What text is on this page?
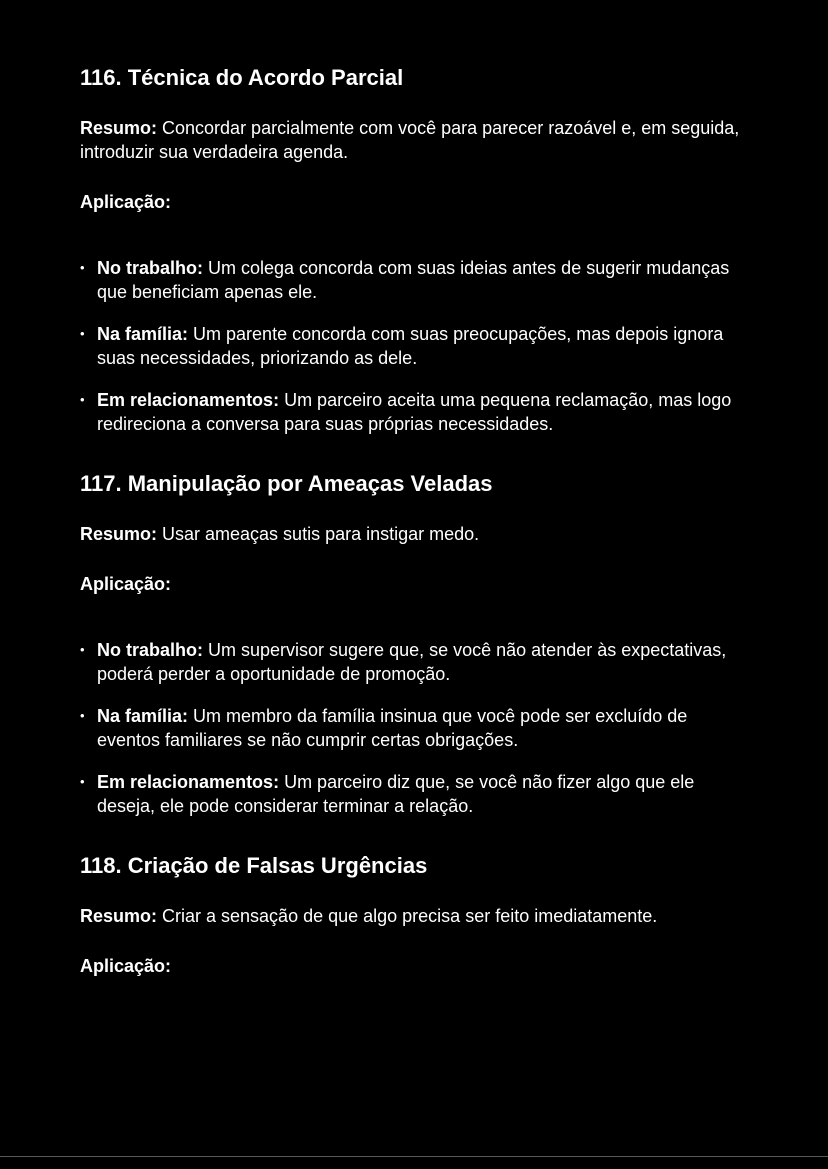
116. Técnica do Acordo Parcial

Resumo: Concordar parcialmente com você para parecer razoável e, em seguida, introduzir sua verdadeira agenda.

Aplicação:

• No trabalho: Um colega concorda com suas ideias antes de sugerir mudanças que beneficiam apenas ele.
• Na família: Um parente concorda com suas preocupações, mas depois ignora suas necessidades, priorizando as dele.
• Em relacionamentos: Um parceiro aceita uma pequena reclamação, mas logo redireciona a conversa para suas próprias necessidades.
117. Manipulação por Ameaças Veladas

Resumo: Usar ameaças sutis para instigar medo.

Aplicação:

• No trabalho: Um supervisor sugere que, se você não atender às expectativas, poderá perder a oportunidade de promoção.
• Na família: Um membro da família insinua que você pode ser excluído de eventos familiares se não cumprir certas obrigações.
• Em relacionamentos: Um parceiro diz que, se você não fizer algo que ele deseja, ele pode considerar terminar a relação.
118. Criação de Falsas Urgências

Resumo: Criar a sensação de que algo precisa ser feito imediatamente.

Aplicação:
